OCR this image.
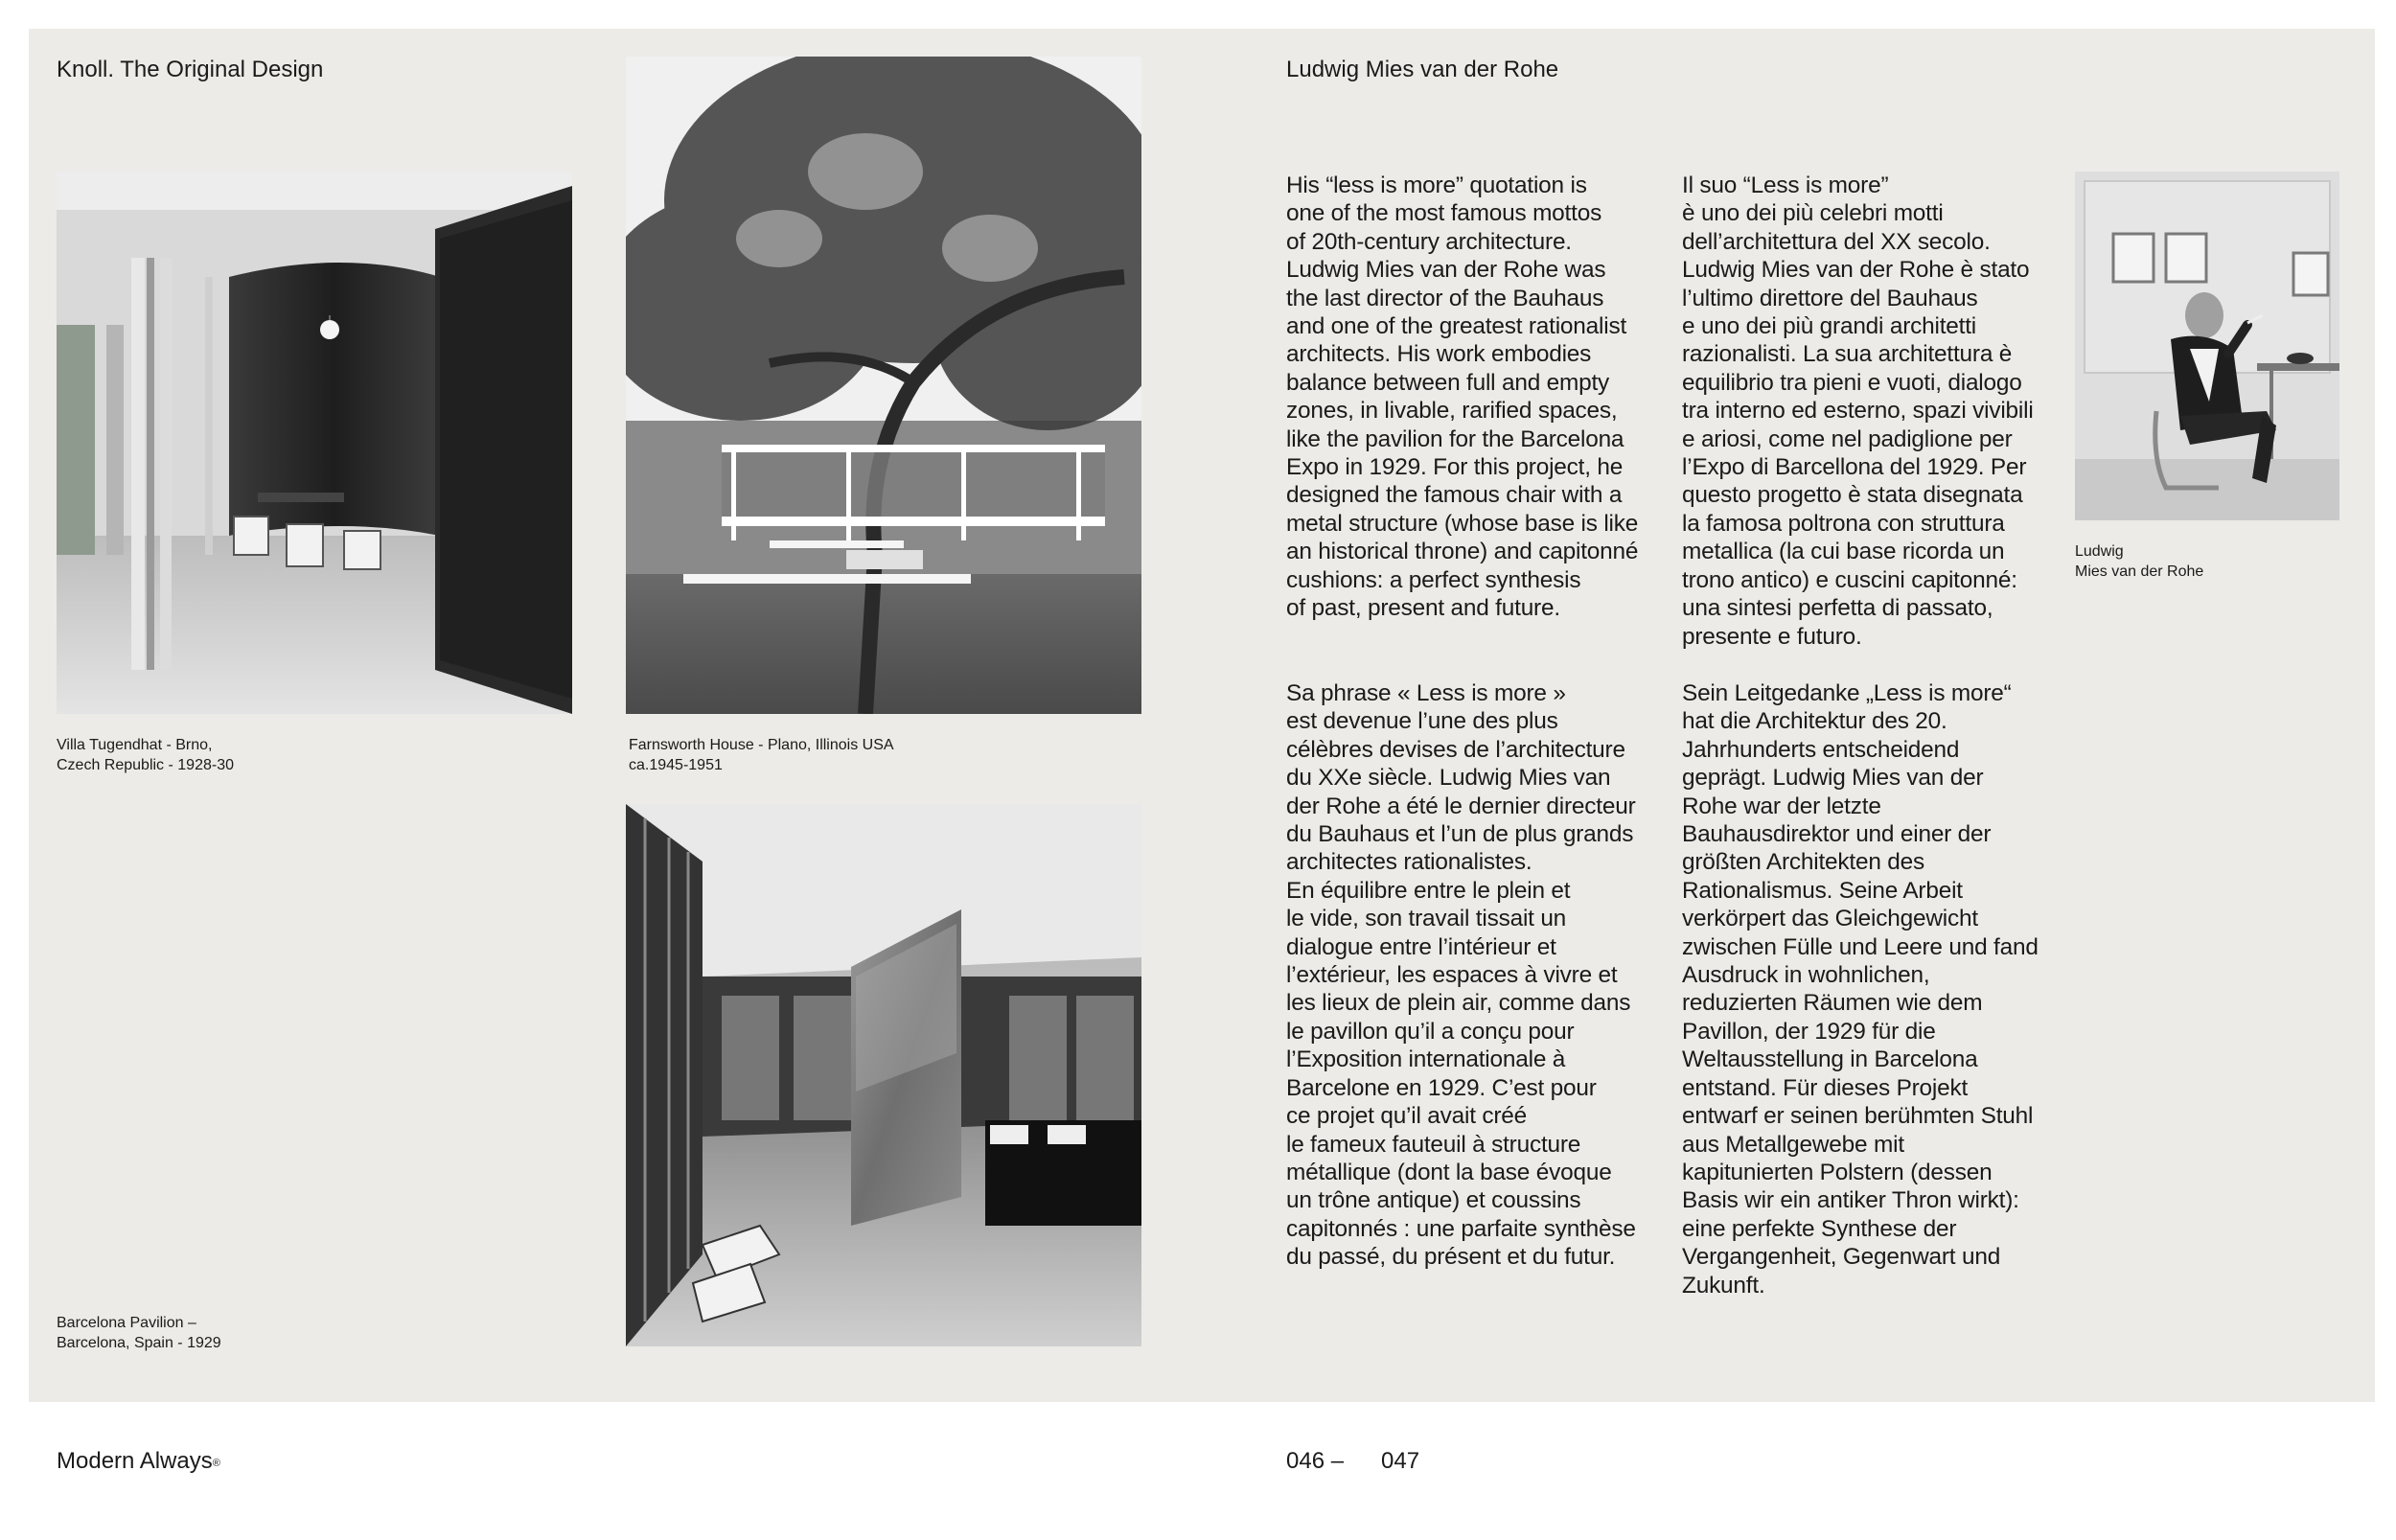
Knoll. The Original Design	Ludwig Mies van der Rohe
Villa Tugendhat - Brno,
Czech Republic - 1928-30
Farnsworth House - Plano, Illinois USA
ca.1945-1951
Barcelona Pavilion –
Barcelona, Spain - 1929
Ludwig
Mies van der Rohe
His “less is more” quotation is
one of the most famous mottos
of 20th-century architecture.
Ludwig Mies van der Rohe was
the last director of the Bauhaus
and one of the greatest rationalist
architects. His work embodies
balance between full and empty
zones, in livable, rarified spaces,
like the pavilion for the Barcelona
Expo in 1929. For this project, he
designed the famous chair with a
metal structure (whose base is like
an historical throne) and capitonné
cushions: a perfect synthesis
of past, present and future.
Il suo “Less is more”
è uno dei più celebri motti
dell’architettura del XX secolo.
Ludwig Mies van der Rohe è stato
l’ultimo direttore del Bauhaus
e uno dei più grandi architetti
razionalisti. La sua architettura è
equilibrio tra pieni e vuoti, dialogo
tra interno ed esterno, spazi vivibili
e ariosi, come nel padiglione per
l’Expo di Barcellona del 1929. Per
questo progetto è stata disegnata
la famosa poltrona con struttura
metallica (la cui base ricorda un
trono antico) e cuscini capitonné:
una sintesi perfetta di passato,
presente e futuro.
Sa phrase « Less is more »
est devenue l’une des plus
célèbres devises de l’architecture
du XXe siècle. Ludwig Mies van
der Rohe a été le dernier directeur
du Bauhaus et l’un de plus grands
architectes rationalistes.
En équilibre entre le plein et
le vide, son travail tissait un
dialogue entre l’intérieur et
l’extérieur, les espaces à vivre et
les lieux de plein air, comme dans
le pavillon qu’il a conçu pour
l’Exposition internationale à
Barcelone en 1929. C’est pour
ce projet qu’il avait créé
le fameux fauteuil à structure
métallique (dont la base évoque
un trône antique) et coussins
capitonnés : une parfaite synthèse
du passé, du présent et du futur.
Sein Leitgedanke „Less is more“
hat die Architektur des 20.
Jahrhunderts entscheidend
geprägt. Ludwig Mies van der
Rohe war der letzte
Bauhausdirektor und einer der
größten Architekten des
Rationalismus. Seine Arbeit
verkörpert das Gleichgewicht
zwischen Fülle und Leere und fand
Ausdruck in wohnlichen,
reduzierten Räumen wie dem
Pavillon, der 1929 für die
Weltausstellung in Barcelona
entstand. Für dieses Projekt
entwarf er seinen berühmten Stuhl
aus Metallgewebe mit
kapitunierten Polstern (dessen
Basis wir ein antiker Thron wirkt):
eine perfekte Synthese der
Vergangenheit, Gegenwart und
Zukunft.
Modern Always®	046 – 047
